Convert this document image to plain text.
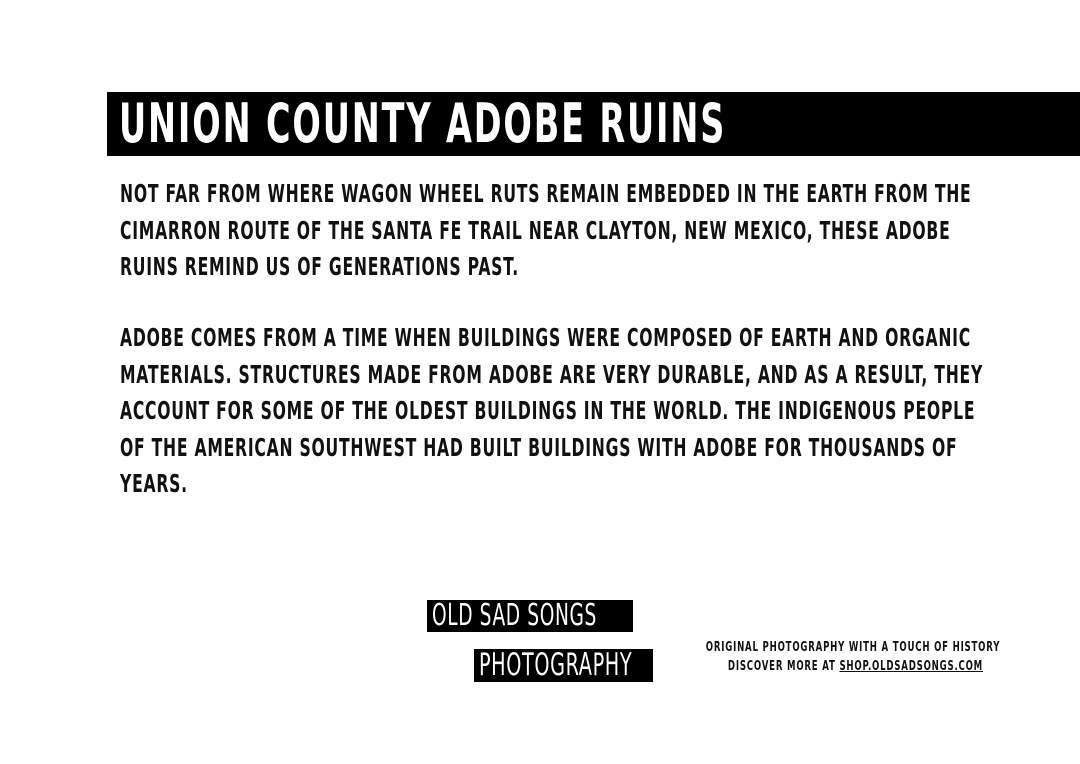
UNION COUNTY ADOBE RUINS
NOT FAR FROM WHERE WAGON WHEEL RUTS REMAIN EMBEDDED IN THE EARTH FROM THE CIMARRON ROUTE OF THE SANTA FE TRAIL NEAR CLAYTON, NEW MEXICO, THESE ADOBE RUINS REMIND US OF GENERATIONS PAST.
ADOBE COMES FROM A TIME WHEN BUILDINGS WERE COMPOSED OF EARTH AND ORGANIC MATERIALS. STRUCTURES MADE FROM ADOBE ARE VERY DURABLE, AND AS A RESULT, THEY ACCOUNT FOR SOME OF THE OLDEST BUILDINGS IN THE WORLD. THE INDIGENOUS PEOPLE OF THE AMERICAN SOUTHWEST HAD BUILT BUILDINGS WITH ADOBE FOR THOUSANDS OF YEARS.
OLD SAD SONGS
PHOTOGRAPHY	ORIGINAL PHOTOGRAPHY WITH A TOUCH OF HISTORY
DISCOVER MORE AT SHOP.OLDSADSONGS.COM
